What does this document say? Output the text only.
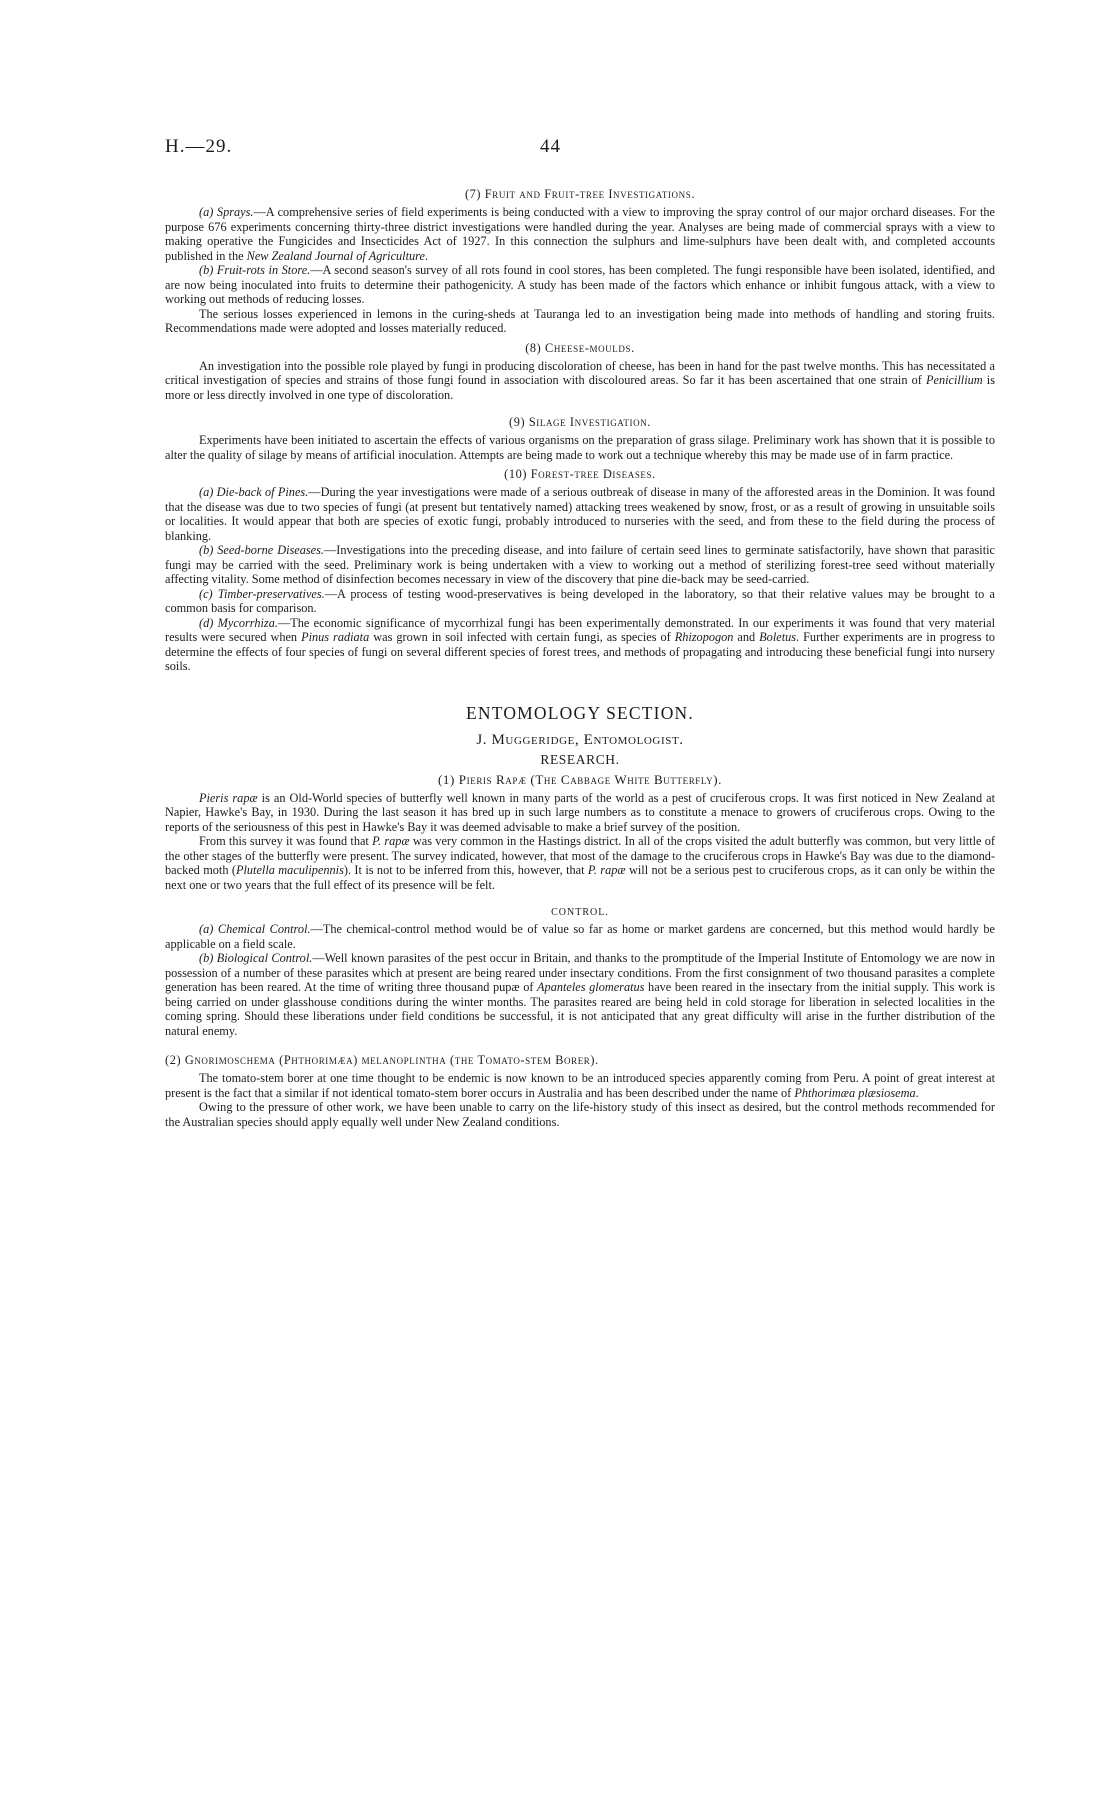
H.—29.	44
(7) Fruit and Fruit-tree Investigations.

(a) Sprays.—A comprehensive series of field experiments is being conducted with a view to improving the spray control of our major orchard diseases. For the purpose 676 experiments concerning thirty-three district investigations were handled during the year. Analyses are being made of commercial sprays with a view to making operative the Fungicides and Insecticides Act of 1927. In this connection the sulphurs and lime-sulphurs have been dealt with, and completed accounts published in the New Zealand Journal of Agriculture.

(b) Fruit-rots in Store.—A second season's survey of all rots found in cool stores, has been completed. The fungi responsible have been isolated, identified, and are now being inoculated into fruits to determine their pathogenicity. A study has been made of the factors which enhance or inhibit fungous attack, with a view to working out methods of reducing losses.

The serious losses experienced in lemons in the curing-sheds at Tauranga led to an investigation being made into methods of handling and storing fruits. Recommendations made were adopted and losses materially reduced.

(8) Cheese-moulds.

An investigation into the possible role played by fungi in producing discoloration of cheese, has been in hand for the past twelve months. This has necessitated a critical investigation of species and strains of those fungi found in association with discoloured areas. So far it has been ascertained that one strain of Penicillium is more or less directly involved in one type of discoloration.

(9) Silage Investigation.

Experiments have been initiated to ascertain the effects of various organisms on the preparation of grass silage. Preliminary work has shown that it is possible to alter the quality of silage by means of artificial inoculation. Attempts are being made to work out a technique whereby this may be made use of in farm practice.

(10) Forest-tree Diseases.

(a) Die-back of Pines.—During the year investigations were made of a serious outbreak of disease in many of the afforested areas in the Dominion. It was found that the disease was due to two species of fungi (at present but tentatively named) attacking trees weakened by snow, frost, or as a result of growing in unsuitable soils or localities. It would appear that both are species of exotic fungi, probably introduced to nurseries with the seed, and from these to the field during the process of blanking.

(b) Seed-borne Diseases.—Investigations into the preceding disease, and into failure of certain seed lines to germinate satisfactorily, have shown that parasitic fungi may be carried with the seed. Preliminary work is being undertaken with a view to working out a method of sterilizing forest-tree seed without materially affecting vitality. Some method of disinfection becomes necessary in view of the discovery that pine die-back may be seed-carried.

(c) Timber-preservatives.—A process of testing wood-preservatives is being developed in the laboratory, so that their relative values may be brought to a common basis for comparison.

(d) Mycorrhiza.—The economic significance of mycorrhizal fungi has been experimentally demonstrated. In our experiments it was found that very material results were secured when Pinus radiata was grown in soil infected with certain fungi, as species of Rhizopogon and Boletus. Further experiments are in progress to determine the effects of four species of fungi on several different species of forest trees, and methods of propagating and introducing these beneficial fungi into nursery soils.

ENTOMOLOGY SECTION.
J. Muggeridge, Entomologist.
RESEARCH.
(1) Pieris Rapæ (The Cabbage White Butterfly).

Pieris rapæ is an Old-World species of butterfly well known in many parts of the world as a pest of cruciferous crops. It was first noticed in New Zealand at Napier, Hawke's Bay, in 1930. During the last season it has bred up in such large numbers as to constitute a menace to growers of cruciferous crops. Owing to the reports of the seriousness of this pest in Hawke's Bay it was deemed advisable to make a brief survey of the position.

From this survey it was found that P. rapæ was very common in the Hastings district. In all of the crops visited the adult butterfly was common, but very little of the other stages of the butterfly were present. The survey indicated, however, that most of the damage to the cruciferous crops in Hawke's Bay was due to the diamond-backed moth (Plutella maculipennis). It is not to be inferred from this, however, that P. rapæ will not be a serious pest to cruciferous crops, as it can only be within the next one or two years that the full effect of its presence will be felt.

CONTROL.

(a) Chemical Control.—The chemical-control method would be of value so far as home or market gardens are concerned, but this method would hardly be applicable on a field scale.

(b) Biological Control.—Well known parasites of the pest occur in Britain, and thanks to the promptitude of the Imperial Institute of Entomology we are now in possession of a number of these parasites which at present are being reared under insectary conditions. From the first consignment of two thousand parasites a complete generation has been reared. At the time of writing three thousand pupæ of Apanteles glomeratus have been reared in the insectary from the initial supply. This work is being carried on under glasshouse conditions during the winter months. The parasites reared are being held in cold storage for liberation in selected localities in the coming spring. Should these liberations under field conditions be successful, it is not anticipated that any great difficulty will arise in the further distribution of the natural enemy.

(2) Gnorimoschema (Phthorimæa) melanoplintha (the Tomato-stem Borer).

The tomato-stem borer at one time thought to be endemic is now known to be an introduced species apparently coming from Peru. A point of great interest at present is the fact that a similar if not identical tomato-stem borer occurs in Australia and has been described under the name of Phthorimæa plæsiosema.

Owing to the pressure of other work, we have been unable to carry on the life-history study of this insect as desired, but the control methods recommended for the Australian species should apply equally well under New Zealand conditions.
